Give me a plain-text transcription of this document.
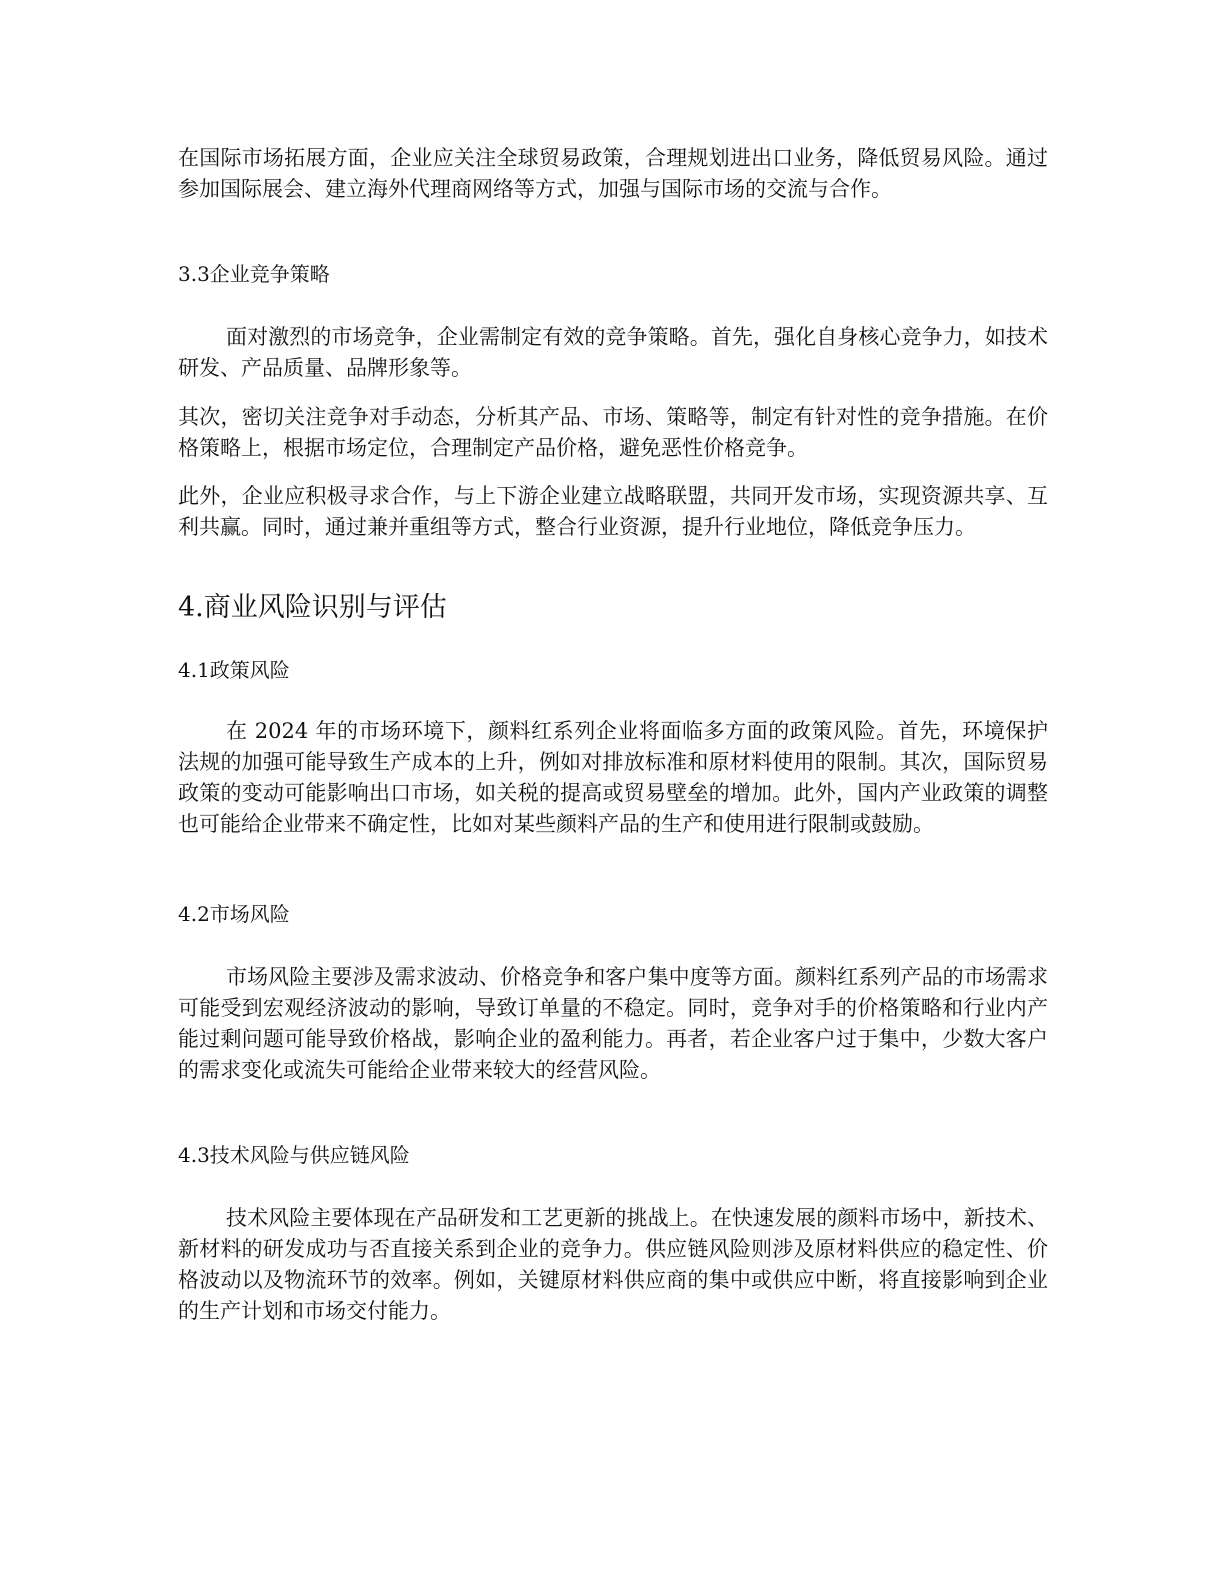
在国际市场拓展方面，企业应关注全球贸易政策，合理规划进出口业务，降低贸易风险。通过参加国际展会、建立海外代理商网络等方式，加强与国际市场的交流与合作。

3.3企业竞争策略

面对激烈的市场竞争，企业需制定有效的竞争策略。首先，强化自身核心竞争力，如技术研发、产品质量、品牌形象等。

其次，密切关注竞争对手动态，分析其产品、市场、策略等，制定有针对性的竞争措施。在价格策略上，根据市场定位，合理制定产品价格，避免恶性价格竞争。

此外，企业应积极寻求合作，与上下游企业建立战略联盟，共同开发市场，实现资源共享、互利共赢。同时，通过兼并重组等方式，整合行业资源，提升行业地位，降低竞争压力。

4.商业风险识别与评估

4.1政策风险

在 2024 年的市场环境下，颜料红系列企业将面临多方面的政策风险。首先，环境保护法规的加强可能导致生产成本的上升，例如对排放标准和原材料使用的限制。其次，国际贸易政策的变动可能影响出口市场，如关税的提高或贸易壁垒的增加。此外，国内产业政策的调整也可能给企业带来不确定性，比如对某些颜料产品的生产和使用进行限制或鼓励。

4.2市场风险

市场风险主要涉及需求波动、价格竞争和客户集中度等方面。颜料红系列产品的市场需求可能受到宏观经济波动的影响，导致订单量的不稳定。同时，竞争对手的价格策略和行业内产能过剩问题可能导致价格战，影响企业的盈利能力。再者，若企业客户过于集中，少数大客户的需求变化或流失可能给企业带来较大的经营风险。

4.3技术风险与供应链风险

技术风险主要体现在产品研发和工艺更新的挑战上。在快速发展的颜料市场中，新技术、新材料的研发成功与否直接关系到企业的竞争力。供应链风险则涉及原材料供应的稳定性、价格波动以及物流环节的效率。例如，关键原材料供应商的集中或供应中断，将直接影响到企业的生产计划和市场交付能力。
